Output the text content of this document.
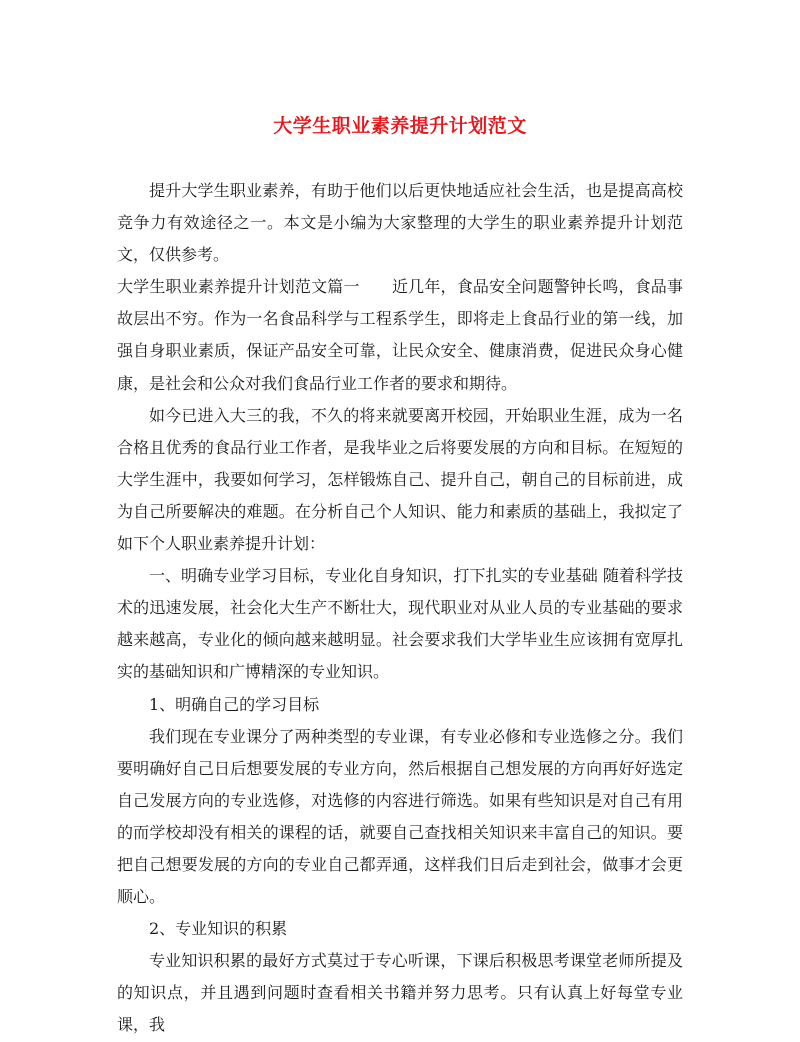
大学生职业素养提升计划范文

提升大学生职业素养，有助于他们以后更快地适应社会生活，也是提高高校竞争力有效途径之一。本文是小编为大家整理的大学生的职业素养提升计划范文，仅供参考。

大学生职业素养提升计划范文篇一　　近几年，食品安全问题警钟长鸣，食品事故层出不穷。作为一名食品科学与工程系学生，即将走上食品行业的第一线，加强自身职业素质，保证产品安全可靠，让民众安全、健康消费，促进民众身心健康，是社会和公众对我们食品行业工作者的要求和期待。

如今已进入大三的我，不久的将来就要离开校园，开始职业生涯，成为一名合格且优秀的食品行业工作者，是我毕业之后将要发展的方向和目标。在短短的大学生涯中，我要如何学习，怎样锻炼自己、提升自己，朝自己的目标前进，成为自己所要解决的难题。在分析自己个人知识、能力和素质的基础上，我拟定了如下个人职业素养提升计划：

一、明确专业学习目标，专业化自身知识，打下扎实的专业基础 随着科学技术的迅速发展，社会化大生产不断壮大，现代职业对从业人员的专业基础的要求越来越高，专业化的倾向越来越明显。社会要求我们大学毕业生应该拥有宽厚扎实的基础知识和广博精深的专业知识。

1、明确自己的学习目标

我们现在专业课分了两种类型的专业课，有专业必修和专业选修之分。我们要明确好自己日后想要发展的专业方向，然后根据自己想发展的方向再好好选定自己发展方向的专业选修，对选修的内容进行筛选。如果有些知识是对自己有用的而学校却没有相关的课程的话，就要自己查找相关知识来丰富自己的知识。要把自己想要发展的方向的专业自己都弄通，这样我们日后走到社会，做事才会更顺心。

2、专业知识的积累

专业知识积累的最好方式莫过于专心听课，下课后积极思考课堂老师所提及的知识点，并且遇到问题时查看相关书籍并努力思考。只有认真上好每堂专业课，我
